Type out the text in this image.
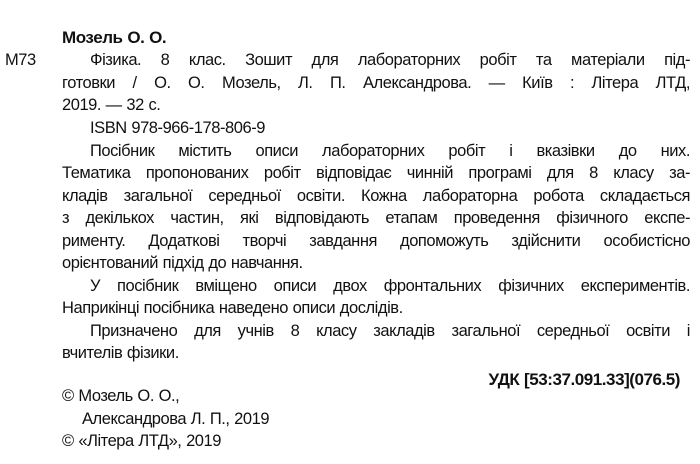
Мозель О. О.
М73	Фізика. 8 клас. Зошит для лабораторних робіт та матеріали під-
готовки / О. О. Мозель, Л. П. Александрова. — Київ : Літера ЛТД,
2019. — 32 с.
ISBN 978-966-178-806-9
Посібник містить описи лабораторних робіт і вказівки до них.
Тематика пропонованих робіт відповідає чинній програмі для 8 класу за-
кладів загальної середньої освіти. Кожна лабораторна робота складається
з декількох частин, які відповідають етапам проведення фізичного експе-
рименту. Додаткові творчі завдання допоможуть здійснити особистісно
орієнтований підхід до навчання.
У посібник вміщено описи двох фронтальних фізичних експериментів.
Наприкінці посібника наведено описи дослідів.
Призначено для учнів 8 класу закладів загальної середньої освіти і
вчителів фізики.
УДК [53:37.091.33](076.5)
© Мозель О. О.,
Александрова Л. П., 2019
© «Літера ЛТД», 2019
